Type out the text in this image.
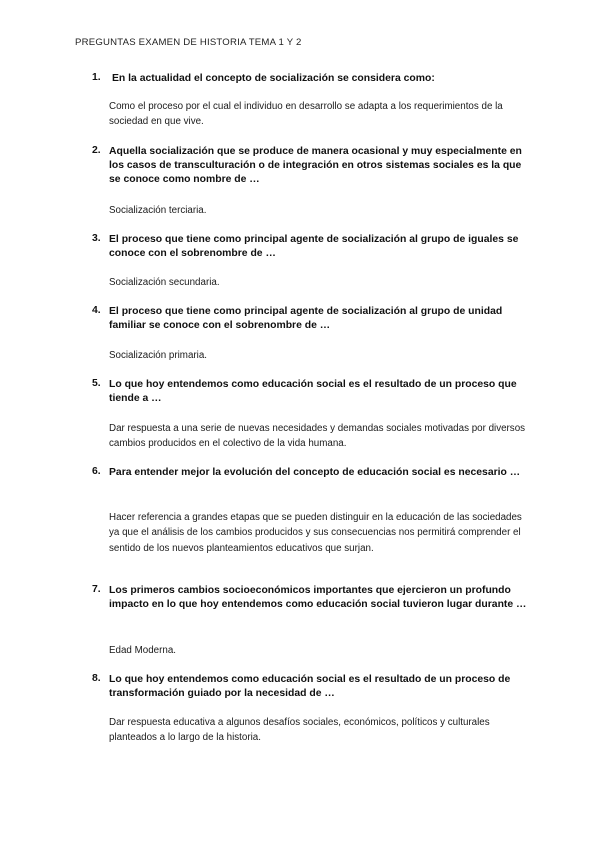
PREGUNTAS EXAMEN DE HISTORIA TEMA 1 Y 2
1. En la actualidad el concepto de socialización se considera como:
Como el proceso por el cual el individuo en desarrollo se adapta a los requerimientos de la sociedad en que vive.
2. Aquella socialización que se produce de manera ocasional y muy especialmente en los casos de transculturación o de integración en otros sistemas sociales es la que se conoce como nombre de …
Socialización terciaria.
3. El proceso que tiene como principal agente de socialización al grupo de iguales se conoce con el sobrenombre de …
Socialización secundaria.
4. El proceso que tiene como principal agente de socialización al grupo de unidad familiar se conoce con el sobrenombre de …
Socialización primaria.
5. Lo que hoy entendemos como educación social es el resultado de un proceso que tiende a …
Dar respuesta a una serie de nuevas necesidades y demandas sociales motivadas por diversos cambios producidos en el colectivo de la vida humana.
6. Para entender mejor la evolución del concepto de educación social es necesario …
Hacer referencia a grandes etapas que se pueden distinguir en la educación de las sociedades ya que el análisis de los cambios producidos y sus consecuencias nos permitirá comprender el sentido de los nuevos planteamientos educativos que surjan.
7. Los primeros cambios socioeconómicos importantes que ejercieron un profundo impacto en lo que hoy entendemos como educación social tuvieron lugar durante …
Edad Moderna.
8. Lo que hoy entendemos como educación social es el resultado de un proceso de transformación guiado por la necesidad de …
Dar respuesta educativa a algunos desafíos sociales, económicos, políticos y culturales planteados a lo largo de la historia.
